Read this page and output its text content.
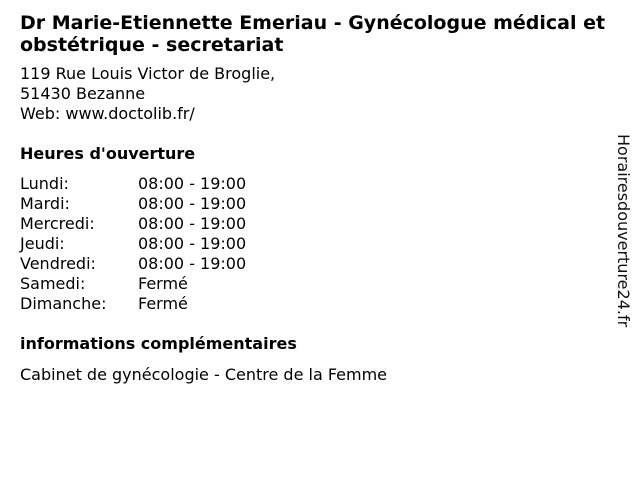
Dr Marie-Etiennette Emeriau - Gynécologue médical et obstétrique - secretariat
119 Rue Louis Victor de Broglie,
51430 Bezanne
Web: www.doctolib.fr/
Heures d'ouverture
Lundi:	08:00 - 19:00
Mardi:	08:00 - 19:00
Mercredi:	08:00 - 19:00
Jeudi:	08:00 - 19:00
Vendredi:	08:00 - 19:00
Samedi:	Fermé
Dimanche: Fermé
informations complémentaires

Cabinet de gynécologie - Centre de la Femme

Horairesdouverture24.fr
